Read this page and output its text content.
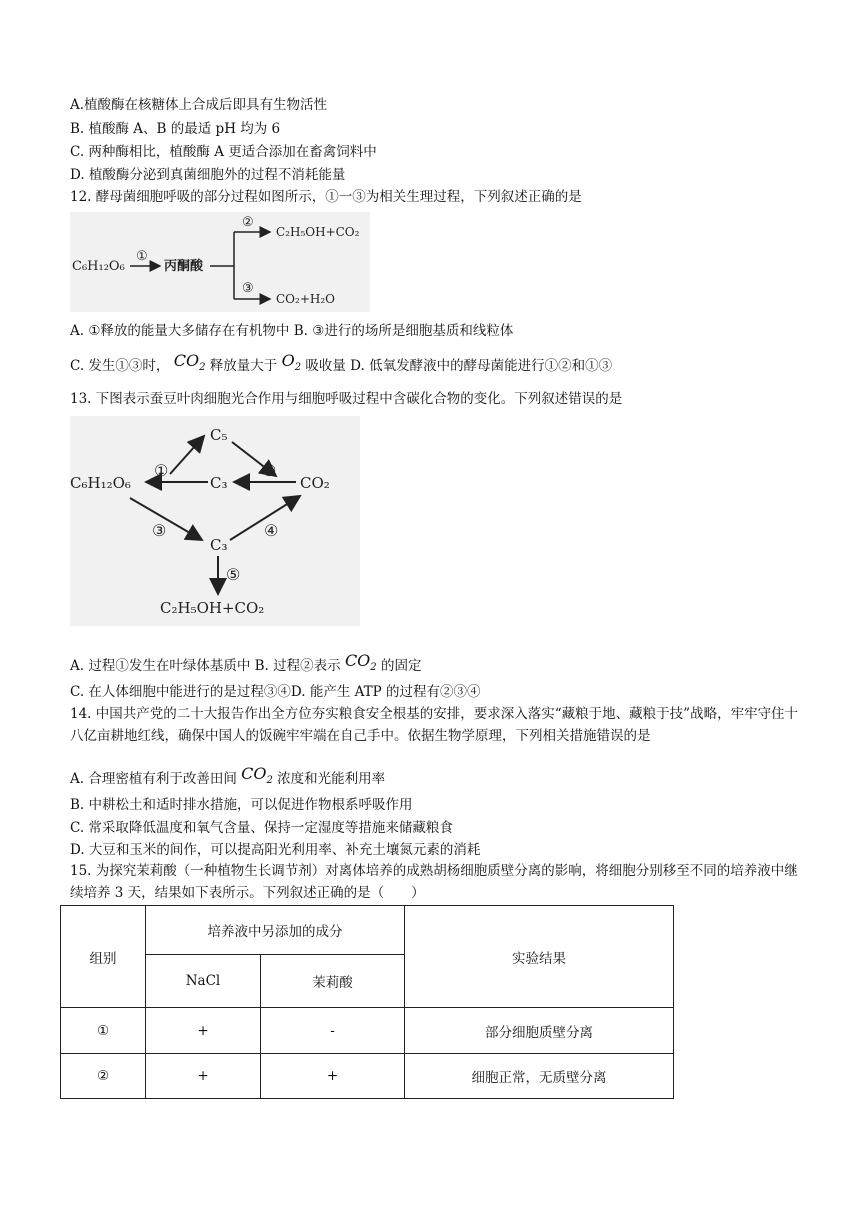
A.植酸酶在核糖体上合成后即具有生物活性
B. 植酸酶 A、B 的最适 pH 均为 6
C. 两种酶相比，植酸酶 A 更适合添加在畜禽饲料中
D. 植酸酶分泌到真菌细胞外的过程不消耗能量
12. 酵母菌细胞呼吸的部分过程如图所示，①一③为相关生理过程，下列叙述正确的是
C₆H₁₂O₆
①
丙酮酸
②
C₂H₅OH+CO₂
③
CO₂+H₂O
A. ①释放的能量大多储存在有机物中 B. ③进行的场所是细胞基质和线粒体
C. 发生①③时， $CO_2$ 释放量大于 $O_2$ 吸收量 D. 低氧发酵液中的酵母菌能进行①②和①③
13. 下图表示蚕豆叶肉细胞光合作用与细胞呼吸过程中含碳化合物的变化。下列叙述错误的是
C₅
C₆H₁₂O₆	C₃	CO₂
C₃
C₂H₅OH+CO₂
①	②
③	④
⑤
A. 过程①发生在叶绿体基质中 B. 过程②表示 $CO_2$ 的固定
C. 在人体细胞中能进行的是过程③④D. 能产生 ATP 的过程有②③④
14. 中国共产党的二十大报告作出全方位夯实粮食安全根基的安排，要求深入落实“藏粮于地、藏粮于技”战略，牢牢守住十八亿亩耕地红线，确保中国人的饭碗牢牢端在自己手中。依据生物学原理，下列相关措施错误的是
A. 合理密植有利于改善田间 $CO_2$ 浓度和光能利用率
B. 中耕松土和适时排水措施，可以促进作物根系呼吸作用
C. 常采取降低温度和氧气含量、保持一定湿度等措施来储藏粮食
D. 大豆和玉米的间作，可以提高阳光利用率、补充土壤氮元素的消耗
15. 为探究茉莉酸（一种植物生长调节剂）对离体培养的成熟胡杨细胞质壁分离的影响，将细胞分别移至不同的培养液中继续培养 3 天，结果如下表所示。下列叙述正确的是（　　）
组别	培养液中另添加的成分		实验结果
	NaCl	茉莉酸	
①	+	-	部分细胞质壁分离
②	+	+	细胞正常，无质壁分离
